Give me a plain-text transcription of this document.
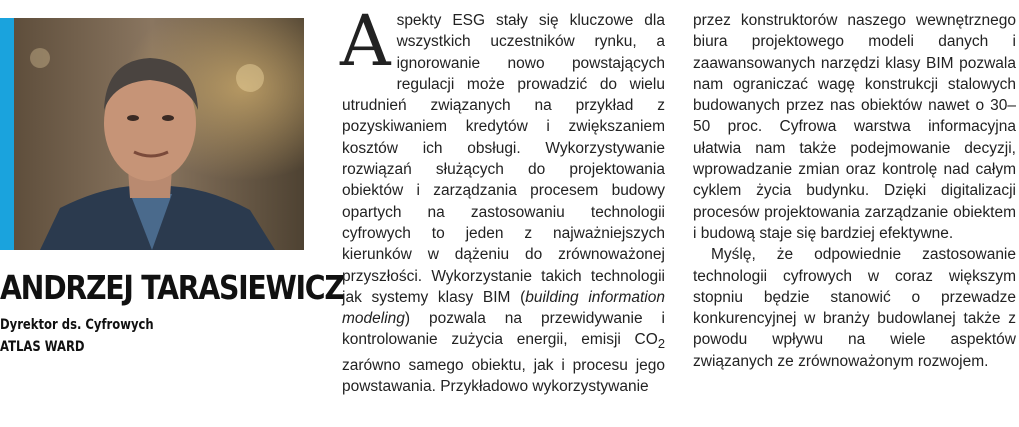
ANDRZEJ TARASIEWICZ
Dyrektor ds. Cyfrowych
ATLAS WARD

Aspekty ESG stały się kluczowe dla wszystkich uczestników rynku, a ignorowanie nowo powstających regulacji może prowadzić do wielu utrudnień związanych na przykład z pozyskiwaniem kredytów i zwiększaniem kosztów ich obsługi. Wykorzystywanie rozwiązań służących do projektowania obiektów i zarządzania procesem budowy opartych na zastosowaniu technologii cyfrowych to jeden z najważniejszych kierunków w dążeniu do zrównoważonej przyszłości. Wykorzystanie takich technologii jak systemy klasy BIM (building information modeling) pozwala na przewidywanie i kontrolowanie zużycia energii, emisji $CO_2$ zarówno samego obiektu, jak i procesu jego powstawania. Przykładowo wykorzystywanie

przez konstruktorów naszego wewnętrznego biura projektowego modeli danych i zaawansowanych narzędzi klasy BIM pozwala nam ograniczać wagę konstrukcji stalowych budowanych przez nas obiektów nawet o 30–50 proc. Cyfrowa warstwa informacyjna ułatwia nam także podejmowanie decyzji, wprowadzanie zmian oraz kontrolę nad całym cyklem życia budynku. Dzięki digitalizacji procesów projektowania zarządzanie obiektem i budową staje się bardziej efektywne.

Myślę, że odpowiednie zastosowanie technologii cyfrowych w coraz większym stopniu będzie stanowić o przewadze konkurencyjnej w branży budowlanej także z powodu wpływu na wiele aspektów związanych ze zrównoważonym rozwojem.
